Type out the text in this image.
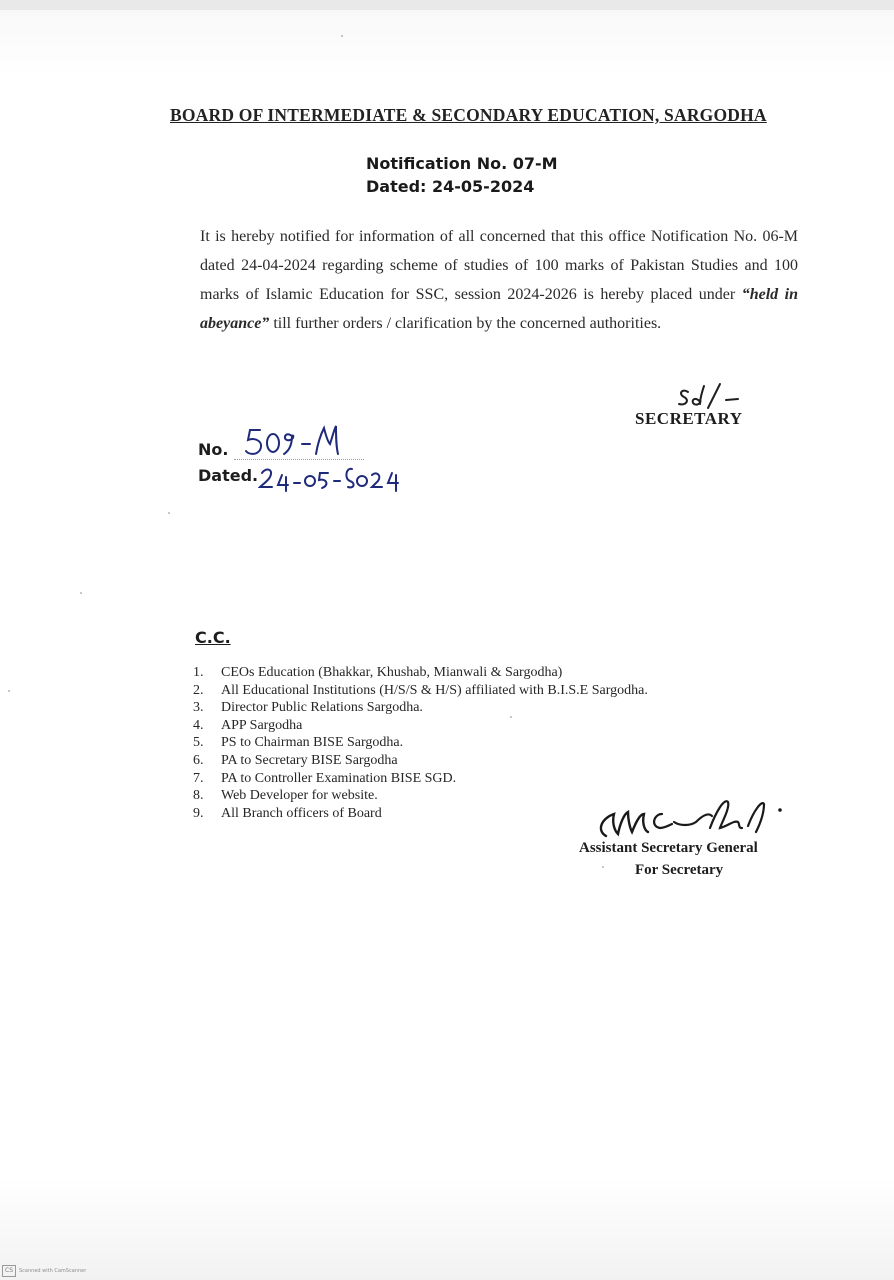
BOARD OF INTERMEDIATE & SECONDARY EDUCATION, SARGODHA
Notification No. 07-M
Dated: 24-05-2024
It is hereby notified for information of all concerned that this office Notification No. 06-M dated 24-04-2024 regarding scheme of studies of 100 marks of Pakistan Studies and 100 marks of Islamic Education for SSC, session 2024-2026 is hereby placed under “held in abeyance” till further orders / clarification by the concerned authorities.
SECRETARY
No.
Dated.
C.C.
1. CEOs Education (Bhakkar, Khushab, Mianwali & Sargodha)
2. All Educational Institutions (H/S/S & H/S) affiliated with B.I.S.E Sargodha.
3. Director Public Relations Sargodha.
4. APP Sargodha
5. PS to Chairman BISE Sargodha.
6. PA to Secretary BISE Sargodha
7. PA to Controller Examination BISE SGD.
8. Web Developer for website.
9. All Branch officers of Board
Assistant Secretary General
For Secretary
CS	Scanned with CamScanner
